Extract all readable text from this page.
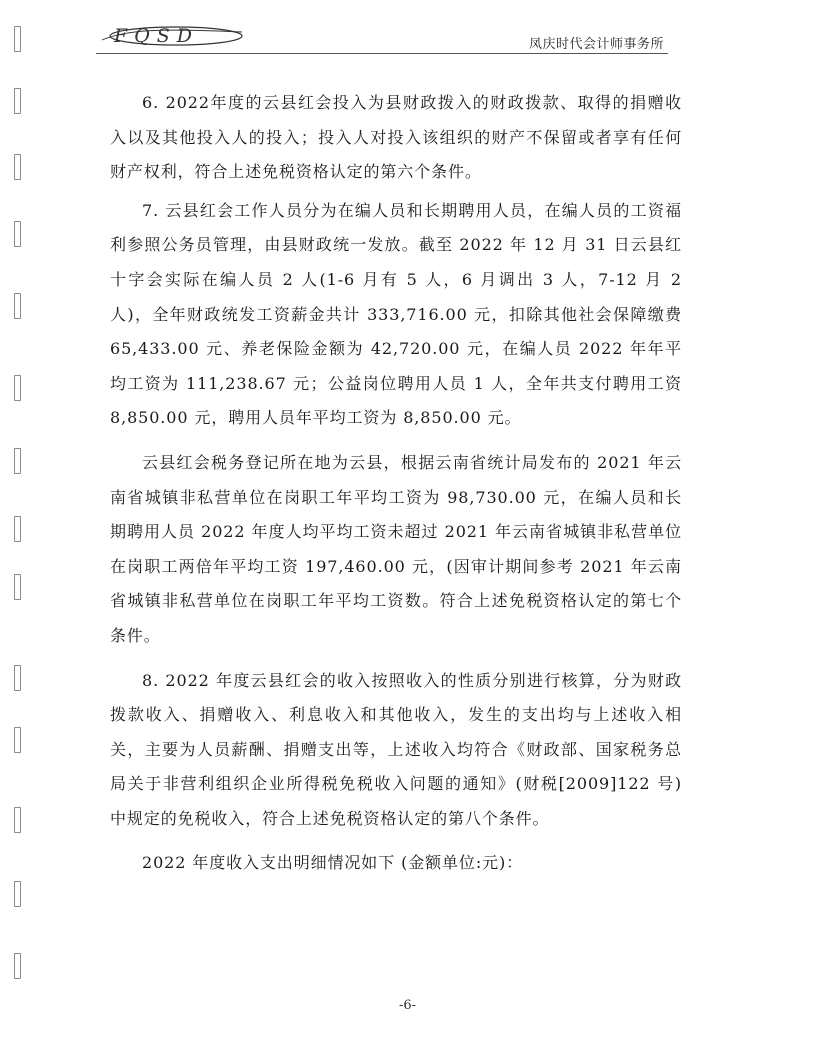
FQSD	凤庆时代会计师事务所

6. 2022年度的云县红会投入为县财政拨入的财政拨款、取得的捐赠收入以及其他投入人的投入；投入人对投入该组织的财产不保留或者享有任何财产权利，符合上述免税资格认定的第六个条件。

7. 云县红会工作人员分为在编人员和长期聘用人员，在编人员的工资福利参照公务员管理，由县财政统一发放。截至 2022 年 12 月 31 日云县红十字会实际在编人员 2 人(1-6 月有 5 人，6 月调出 3 人，7-12 月 2 人)，全年财政统发工资薪金共计 333,716.00 元，扣除其他社会保障缴费 65,433.00 元、养老保险金额为 42,720.00 元，在编人员 2022 年年平均工资为 111,238.67 元；公益岗位聘用人员 1 人，全年共支付聘用工资 8,850.00 元，聘用人员年平均工资为 8,850.00 元。

云县红会税务登记所在地为云县，根据云南省统计局发布的 2021 年云南省城镇非私营单位在岗职工年平均工资为 98,730.00 元，在编人员和长期聘用人员 2022 年度人均平均工资未超过 2021 年云南省城镇非私营单位在岗职工两倍年平均工资 197,460.00 元，(因审计期间参考 2021 年云南省城镇非私营单位在岗职工年平均工资数。符合上述免税资格认定的第七个条件。

8. 2022 年度云县红会的收入按照收入的性质分别进行核算，分为财政拨款收入、捐赠收入、利息收入和其他收入，发生的支出均与上述收入相关，主要为人员薪酬、捐赠支出等，上述收入均符合《财政部、国家税务总局关于非营利组织企业所得税免税收入问题的通知》(财税[2009]122 号) 中规定的免税收入，符合上述免税资格认定的第八个条件。

2022 年度收入支出明细情况如下 (金额单位:元)：

-6-
